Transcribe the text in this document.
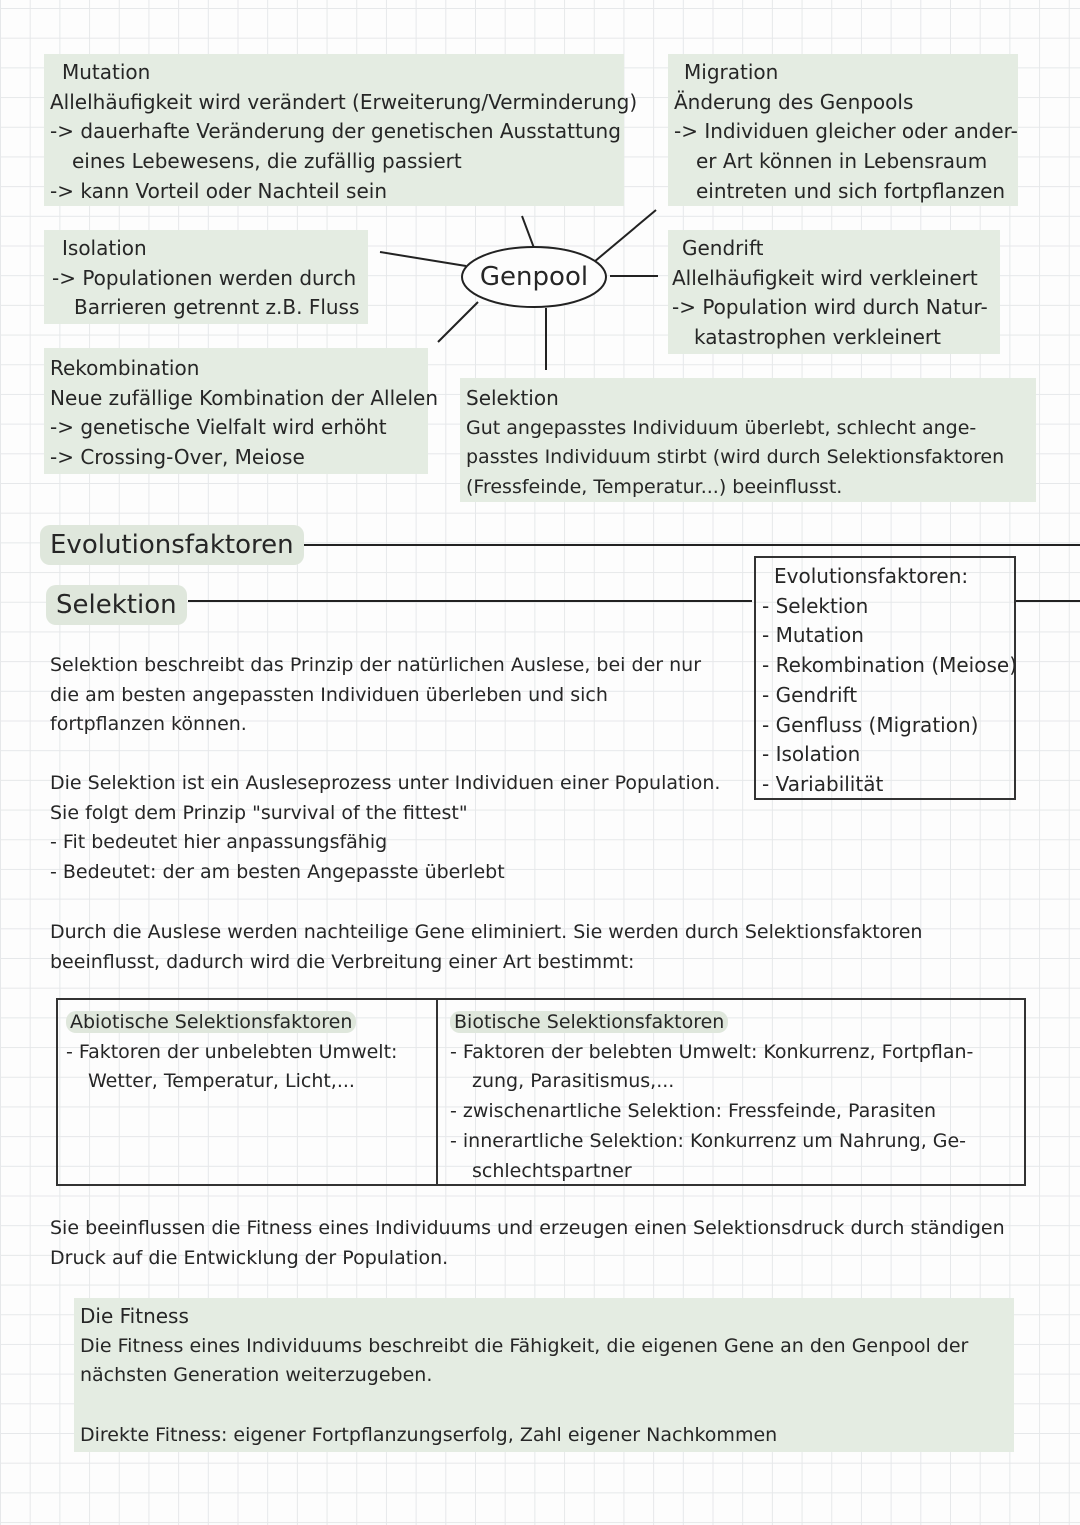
Genpool
Mutation
Allelhäufigkeit wird verändert (Erweiterung/Verminderung)
-> dauerhafte Veränderung der genetischen Ausstattung
eines Lebewesens, die zufällig passiert
-> kann Vorteil oder Nachteil sein
Migration
Änderung des Genpools
-> Individuen gleicher oder ander-
er Art können in Lebensraum
eintreten und sich fortpflanzen
Isolation
-> Populationen werden durch
Barrieren getrennt z.B. Fluss
Gendrift
Allelhäufigkeit wird verkleinert
-> Population wird durch Natur-
katastrophen verkleinert
Rekombination
Neue zufällige Kombination der Allelen
-> genetische Vielfalt wird erhöht
-> Crossing-Over, Meiose
Selektion
Gut angepasstes Individuum überlebt, schlecht ange-
passtes Individuum stirbt (wird durch Selektionsfaktoren
(Fressfeinde, Temperatur...) beeinflusst.
Evolutionsfaktoren
Selektion
Evolutionsfaktoren:
- Selektion
- Mutation
- Rekombination (Meiose)
- Gendrift
- Genfluss (Migration)
- Isolation
- Variabilität
Selektion beschreibt das Prinzip der natürlichen Auslese, bei der nur
die am besten angepassten Individuen überleben und sich
fortpflanzen können.
Die Selektion ist ein Ausleseprozess unter Individuen einer Population.
Sie folgt dem Prinzip "survival of the fittest"
- Fit bedeutet hier anpassungsfähig
- Bedeutet: der am besten Angepasste überlebt
Durch die Auslese werden nachteilige Gene eliminiert. Sie werden durch Selektionsfaktoren
beeinflusst, dadurch wird die Verbreitung einer Art bestimmt:
Abiotische Selektionsfaktoren
- Faktoren der unbelebten Umwelt:
Wetter, Temperatur, Licht,...
Biotische Selektionsfaktoren
- Faktoren der belebten Umwelt: Konkurrenz, Fortpflan-
zung, Parasitismus,...
- zwischenartliche Selektion: Fressfeinde, Parasiten
- innerartliche Selektion: Konkurrenz um Nahrung, Ge-
schlechtspartner
Sie beeinflussen die Fitness eines Individuums und erzeugen einen Selektionsdruck durch ständigen
Druck auf die Entwicklung der Population.
Die Fitness
Die Fitness eines Individuums beschreibt die Fähigkeit, die eigenen Gene an den Genpool der
nächsten Generation weiterzugeben.

Direkte Fitness: eigener Fortpflanzungserfolg, Zahl eigener Nachkommen
